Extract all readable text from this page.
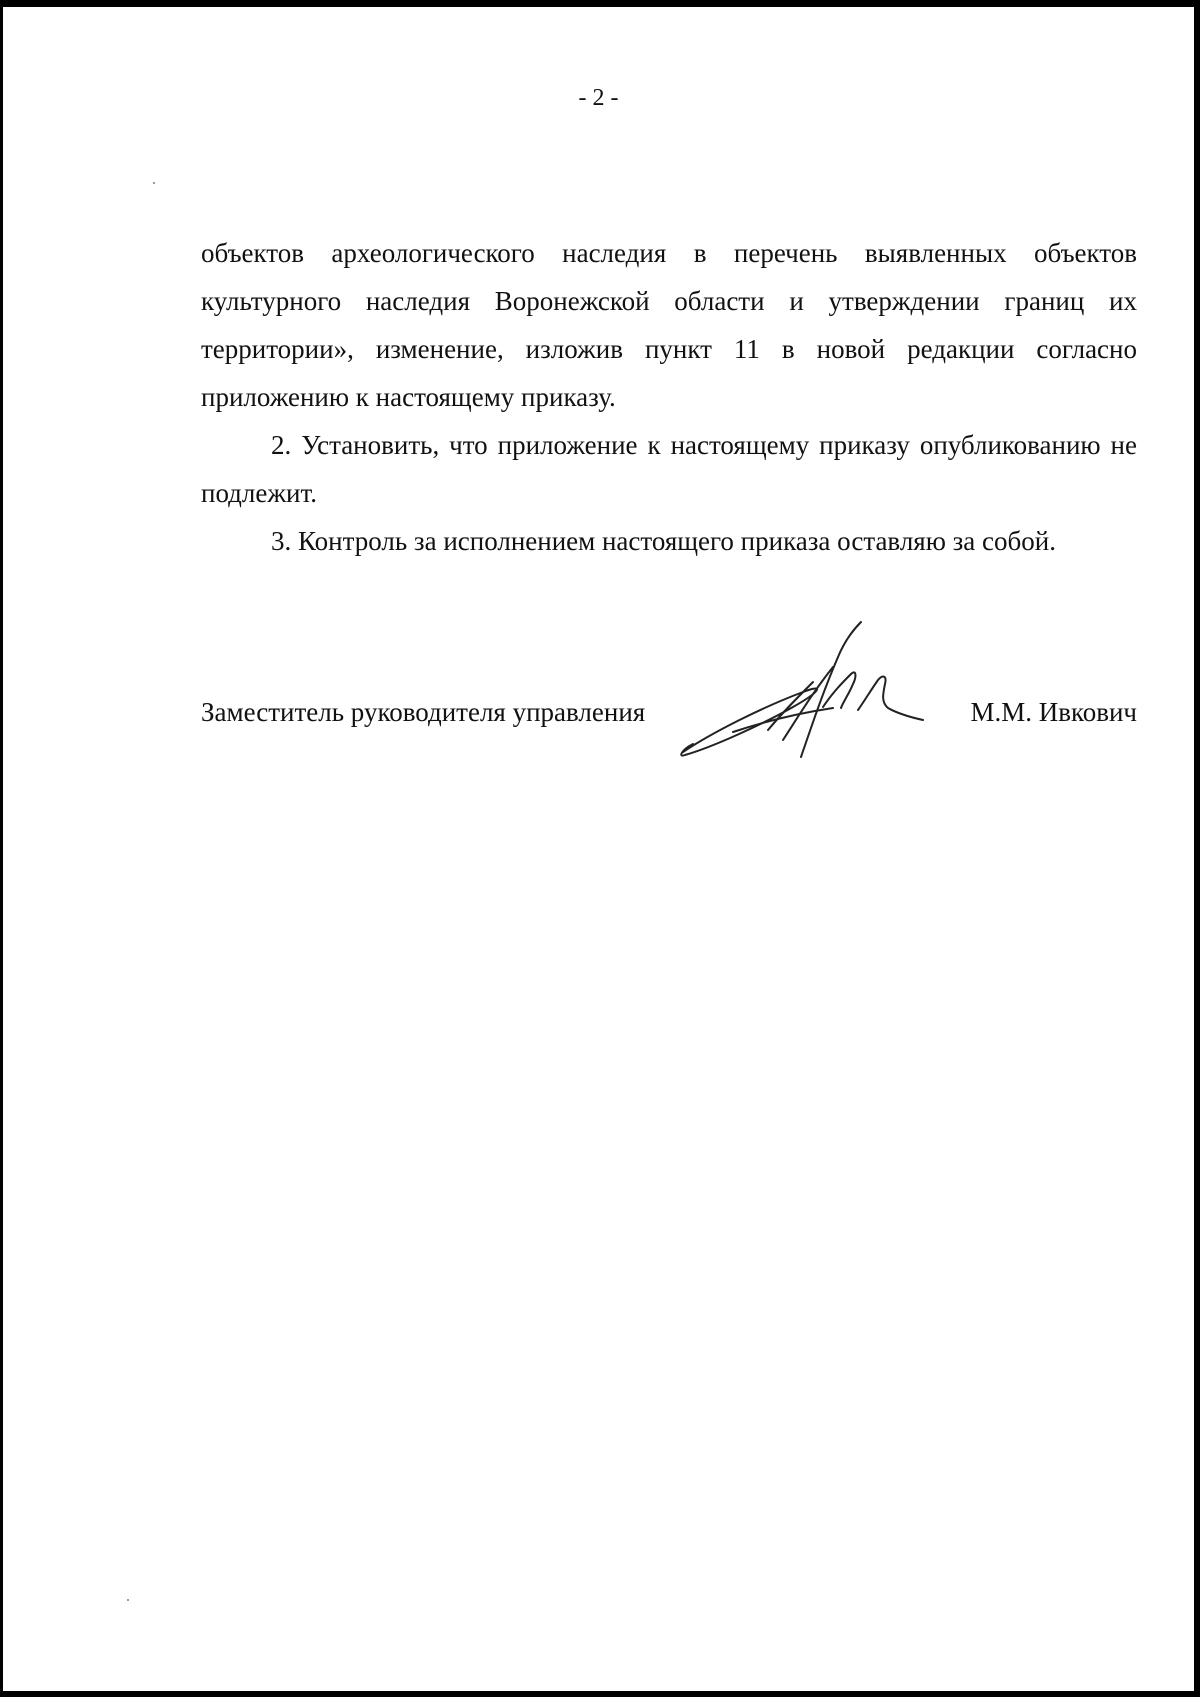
- 2 -

объектов археологического наследия в перечень выявленных объектов культурного наследия Воронежской области и утверждении границ их территории», изменение, изложив пункт 11 в новой редакции согласно приложению к настоящему приказу.

2. Установить, что приложение к настоящему приказу опубликованию не подлежит.

3. Контроль за исполнением настоящего приказа оставляю за собой.

Заместитель руководителя управления	М.М. Ивкович
